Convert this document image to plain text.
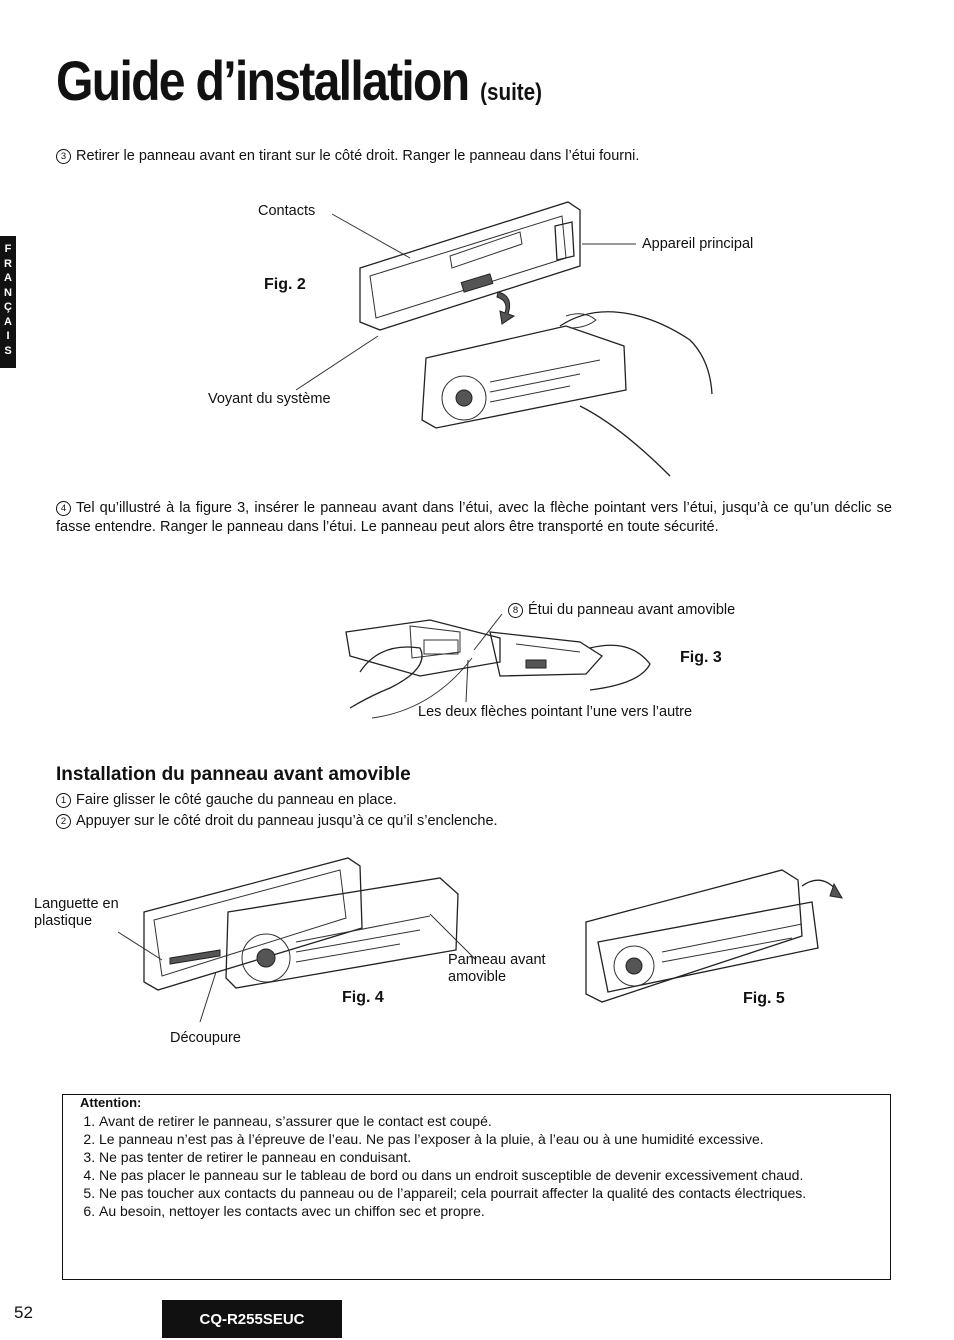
Guide d’installation (suite)
F
R
A
N
Ç
A
I
S
3 Retirer le panneau avant en tirant sur le côté droit. Ranger le panneau dans l’étui fourni.
Contacts
Appareil principal
Fig. 2
Voyant du système
4 Tel qu’illustré à la figure 3, insérer le panneau avant dans l’étui, avec la flèche pointant vers l’étui, jusqu’à ce qu’un déclic se fasse entendre. Ranger le panneau dans l’étui. Le panneau peut alors être transporté en toute sécurité.
8 Étui du panneau avant amovible
Fig. 3
Les deux flèches pointant l’une vers l’autre
Installation du panneau avant amovible
1 Faire glisser le côté gauche du panneau en place.
2 Appuyer sur le côté droit du panneau jusqu’à ce qu’il s’enclenche.
Languette en plastique
Panneau avant amovible
Fig. 4
Découpure
Fig. 5
Attention:
1. Avant de retirer le panneau, s’assurer que le contact est coupé.
2. Le panneau n’est pas à l’épreuve de l’eau. Ne pas l’exposer à la pluie, à l’eau ou à une humidité excessive.
3. Ne pas tenter de retirer le panneau en conduisant.
4. Ne pas placer le panneau sur le tableau de bord ou dans un endroit susceptible de devenir excessivement chaud.
5. Ne pas toucher aux contacts du panneau ou de l’appareil; cela pourrait affecter la qualité des contacts électriques.
6. Au besoin, nettoyer les contacts avec un chiffon sec et propre.
52	CQ-R255SEUC
